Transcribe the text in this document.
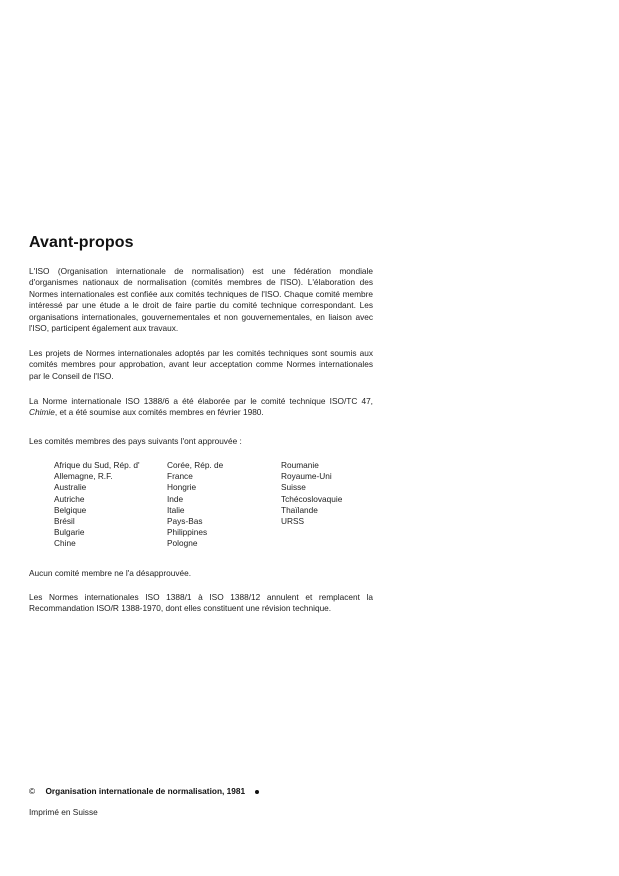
Avant-propos

L'ISO (Organisation internationale de normalisation) est une fédération mondiale d'organismes nationaux de normalisation (comités membres de l'ISO). L'élaboration des Normes internationales est confiée aux comités techniques de l'ISO. Chaque comité membre intéressé par une étude a le droit de faire partie du comité technique correspondant. Les organisations internationales, gouvernementales et non gouvernementales, en liaison avec l'ISO, participent également aux travaux.

Les projets de Normes internationales adoptés par les comités techniques sont soumis aux comités membres pour approbation, avant leur acceptation comme Normes internationales par le Conseil de l'ISO.

La Norme internationale ISO 1388/6 a été élaborée par le comité technique ISO/TC 47, Chimie, et a été soumise aux comités membres en février 1980.

Les comités membres des pays suivants l'ont approuvée :

Afrique du Sud, Rép. d'
Allemagne, R.F.
Australie
Autriche
Belgique
Brésil
Bulgarie
Chine
Corée, Rép. de
France
Hongrie
Inde
Italie
Pays-Bas
Philippines
Pologne
Roumanie
Royaume-Uni
Suisse
Tchécoslovaquie
Thaïlande
URSS

Aucun comité membre ne l'a désapprouvée.

Les Normes internationales ISO 1388/1 à ISO 1388/12 annulent et remplacent la Recommandation ISO/R 1388-1970, dont elles constituent une révision technique.

© Organisation internationale de normalisation, 1981
Imprimé en Suisse
